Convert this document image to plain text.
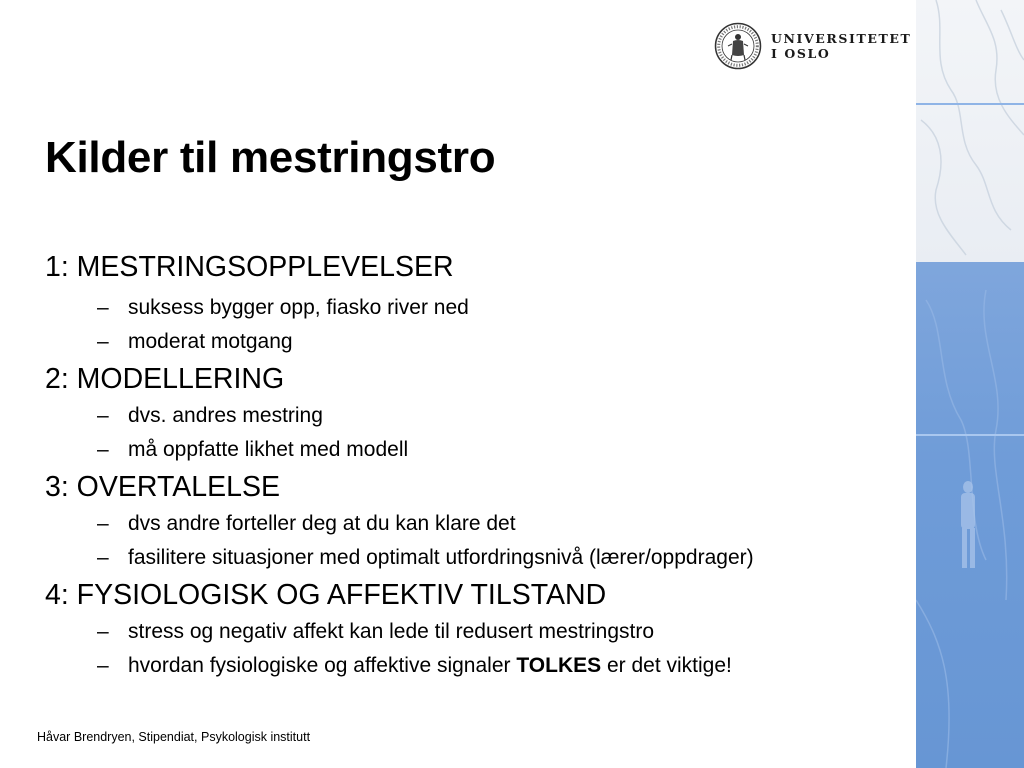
UNIVERSITETET
I OSLO
Kilder til mestringstro
1: MESTRINGSOPPLEVELSER
– suksess bygger opp, fiasko river ned
– moderat motgang
2: MODELLERING
– dvs. andres mestring
– må oppfatte likhet med modell
3: OVERTALELSE
– dvs andre forteller deg at du kan klare det
– fasilitere situasjoner med optimalt utfordringsnivå (lærer/oppdrager)
4: FYSIOLOGISK OG AFFEKTIV TILSTAND
– stress og negativ affekt kan lede til redusert mestringstro
– hvordan fysiologiske og affektive signaler TOLKES er det viktige!
Håvar Brendryen, Stipendiat, Psykologisk institutt
